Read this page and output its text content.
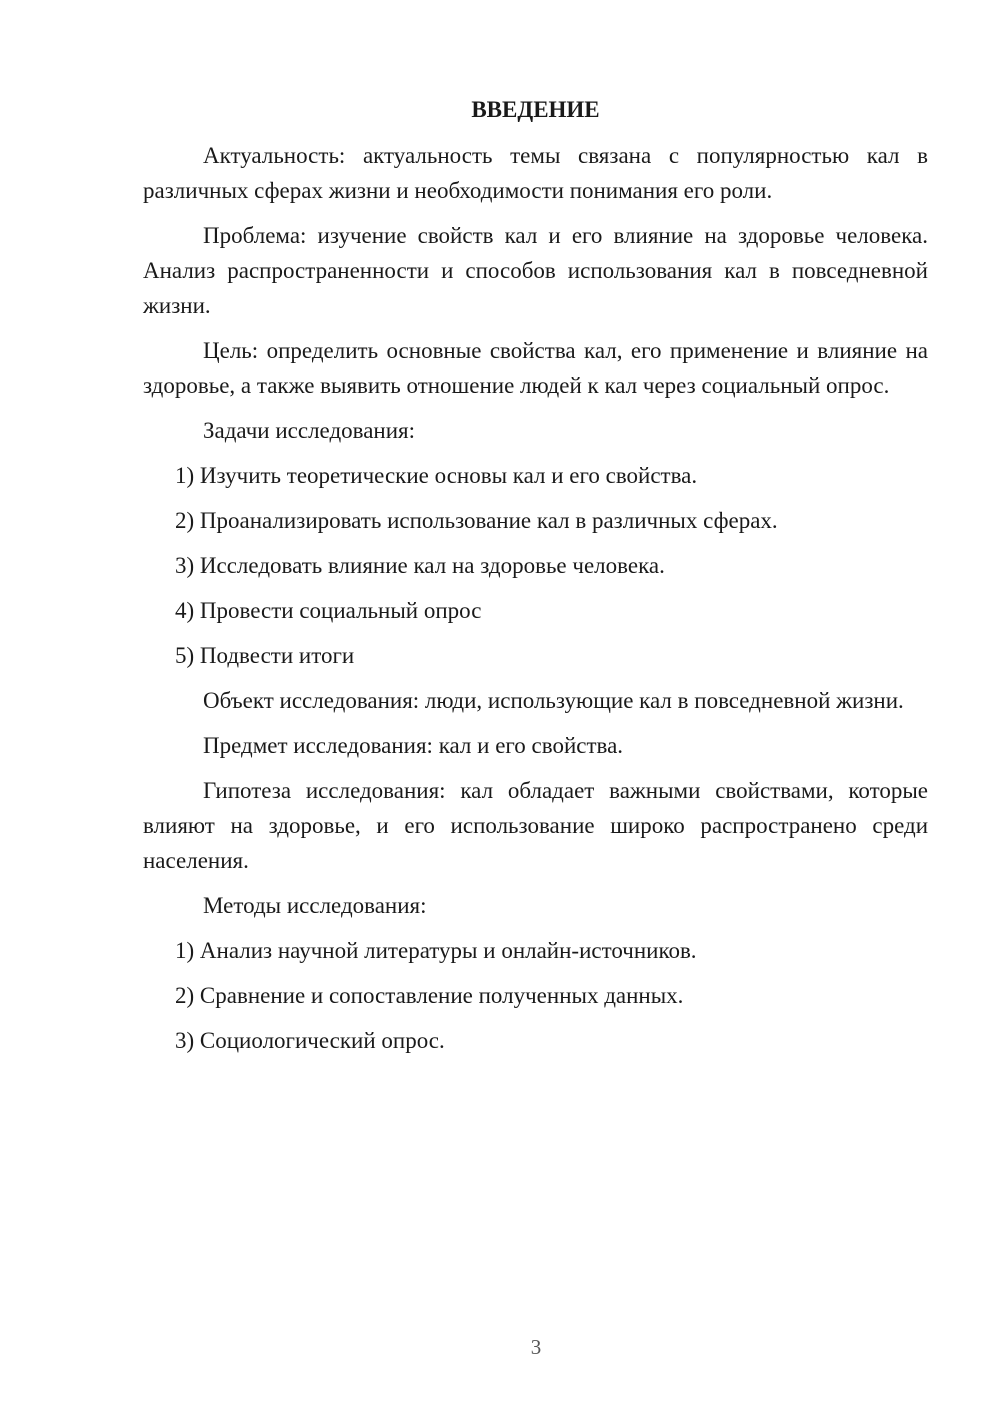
ВВЕДЕНИЕ

Актуальность: актуальность темы связана с популярностью кал в различных сферах жизни и необходимости понимания его роли.

Проблема: изучение свойств кал и его влияние на здоровье человека. Анализ распространенности и способов использования кал в повседневной жизни.

Цель: определить основные свойства кал, его применение и влияние на здоровье, а также выявить отношение людей к кал через социальный опрос.

Задачи исследования:

1) Изучить теоретические основы кал и его свойства.

2) Проанализировать использование кал в различных сферах.

3) Исследовать влияние кал на здоровье человека.

4) Провести социальный опрос

5) Подвести итоги

Объект исследования: люди, использующие кал в повседневной жизни.

Предмет исследования: кал и его свойства.

Гипотеза исследования: кал обладает важными свойствами, которые влияют на здоровье, и его использование широко распространено среди населения.

Методы исследования:

1) Анализ научной литературы и онлайн-источников.

2) Сравнение и сопоставление полученных данных.

3) Социологический опрос.

3
